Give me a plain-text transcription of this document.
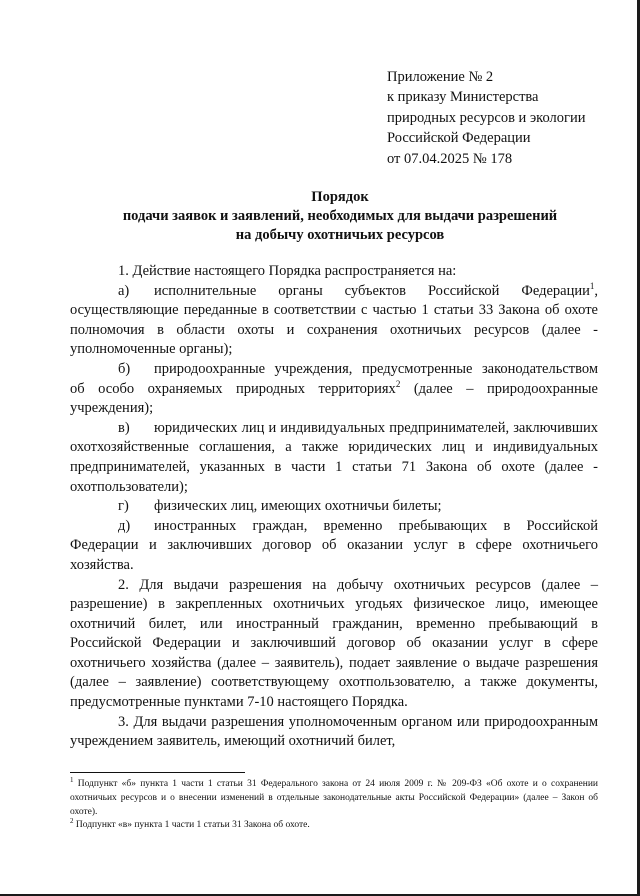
Приложение № 2
к приказу Министерства
природных ресурсов и экологии
Российской Федерации
от 07.04.2025 № 178
Порядок
подачи заявок и заявлений, необходимых для выдачи разрешений
на добычу охотничьих ресурсов

1. Действие настоящего Порядка распространяется на:

а) исполнительные органы субъектов Российской Федерации$^1$, осуществляющие переданные в соответствии с частью 1 статьи 33 Закона об охоте полномочия в области охоты и сохранения охотничьих ресурсов (далее - уполномоченные органы);

б) природоохранные учреждения, предусмотренные законодательством об особо охраняемых природных территориях$^2$ (далее – природоохранные учреждения);

в) юридических лиц и индивидуальных предпринимателей, заключивших охотхозяйственные соглашения, а также юридических лиц и индивидуальных предпринимателей, указанных в части 1 статьи 71 Закона об охоте (далее - охотпользователи);

г) физических лиц, имеющих охотничьи билеты;

д) иностранных граждан, временно пребывающих в Российской Федерации и заключивших договор об оказании услуг в сфере охотничьего хозяйства.

2. Для выдачи разрешения на добычу охотничьих ресурсов (далее – разрешение) в закрепленных охотничьих угодьях физическое лицо, имеющее охотничий билет, или иностранный гражданин, временно пребывающий в Российской Федерации и заключивший договор об оказании услуг в сфере охотничьего хозяйства (далее – заявитель), подает заявление о выдаче разрешения (далее – заявление) соответствующему охотпользователю, а также документы, предусмотренные пунктами 7-10 настоящего Порядка.

3. Для выдачи разрешения уполномоченным органом или природоохранным учреждением заявитель, имеющий охотничий билет,

$^1$ Подпункт «б» пункта 1 части 1 статьи 31 Федерального закона от 24 июля 2009 г. № 209-ФЗ «Об охоте и о сохранении охотничьих ресурсов и о внесении изменений в отдельные законодательные акты Российской Федерации» (далее – Закон об охоте).

$^2$ Подпункт «в» пункта 1 части 1 статьи 31 Закона об охоте.
